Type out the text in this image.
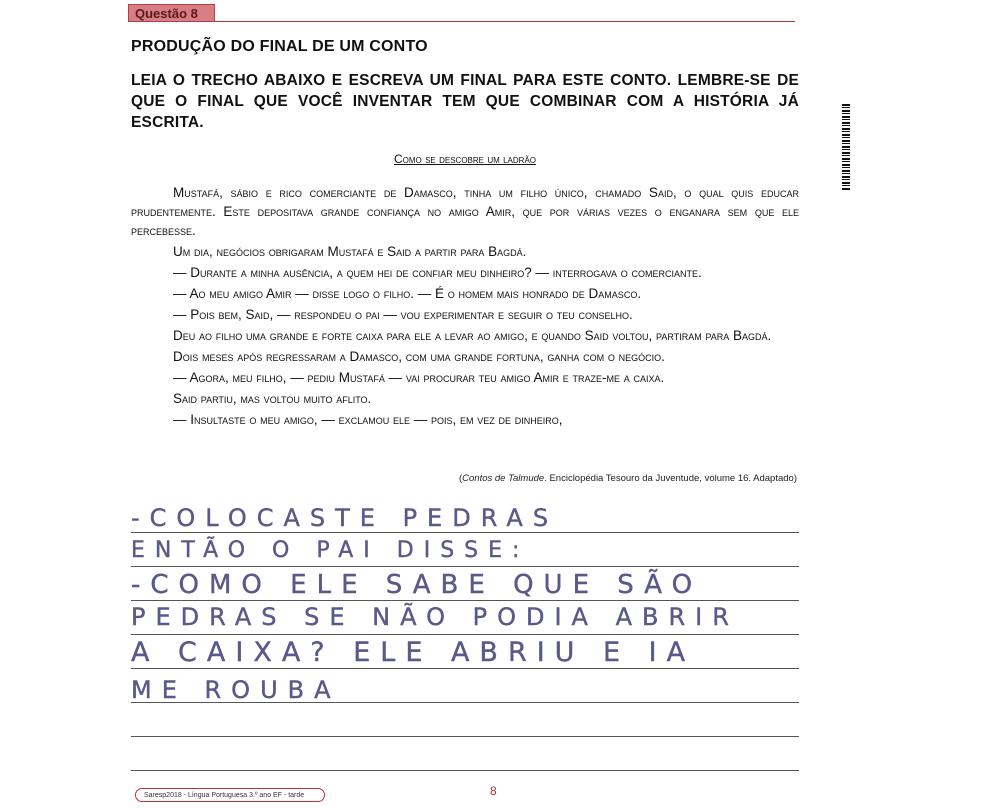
Questão 8
PRODUÇÃO DO FINAL DE UM CONTO
LEIA O TRECHO ABAIXO E ESCREVA UM FINAL PARA ESTE CONTO. LEMBRE-SE DE QUE O FINAL QUE VOCÊ INVENTAR TEM QUE COMBINAR COM A HISTÓRIA JÁ ESCRITA.
Como se descobre um ladrão

Mustafá, sábio e rico comerciante de Damasco, tinha um filho único, chamado Said, o qual quis educar prudentemente. Este depositava grande confiança no amigo Amir, que por várias vezes o enganara sem que ele percebesse.

Um dia, negócios obrigaram Mustafá e Said a partir para Bagdá.

— Durante a minha ausência, a quem hei de confiar meu dinheiro? — interrogava o comerciante.

— Ao meu amigo Amir — disse logo o filho. — É o homem mais honrado de Damasco.

— Pois bem, Said, — respondeu o pai — vou experimentar e seguir o teu conselho.

Deu ao filho uma grande e forte caixa para ele a levar ao amigo, e quando Said voltou, partiram para Bagdá.

Dois meses após regressaram a Damasco, com uma grande fortuna, ganha com o negócio.

— Agora, meu filho, — pediu Mustafá — vai procurar teu amigo Amir e traze-me a caixa.

Said partiu, mas voltou muito aflito.

— Insultaste o meu amigo, — exclamou ele — pois, em vez de dinheiro,

(Contos de Talmude. Enciclopédia Tesouro da Juventude, volume 16. Adaptado)
-COLOCASTE PEDRAS
ENTÃO O PAI DISSE:
-COMO ELE SABE QUE SÃO
PEDRAS SE NÃO PODIA ABRIR
A CAIXA? ELE ABRIU E IA
ME ROUBA
Saresp2018 - Língua Portuguesa 3.º ano EF - tarde	8
